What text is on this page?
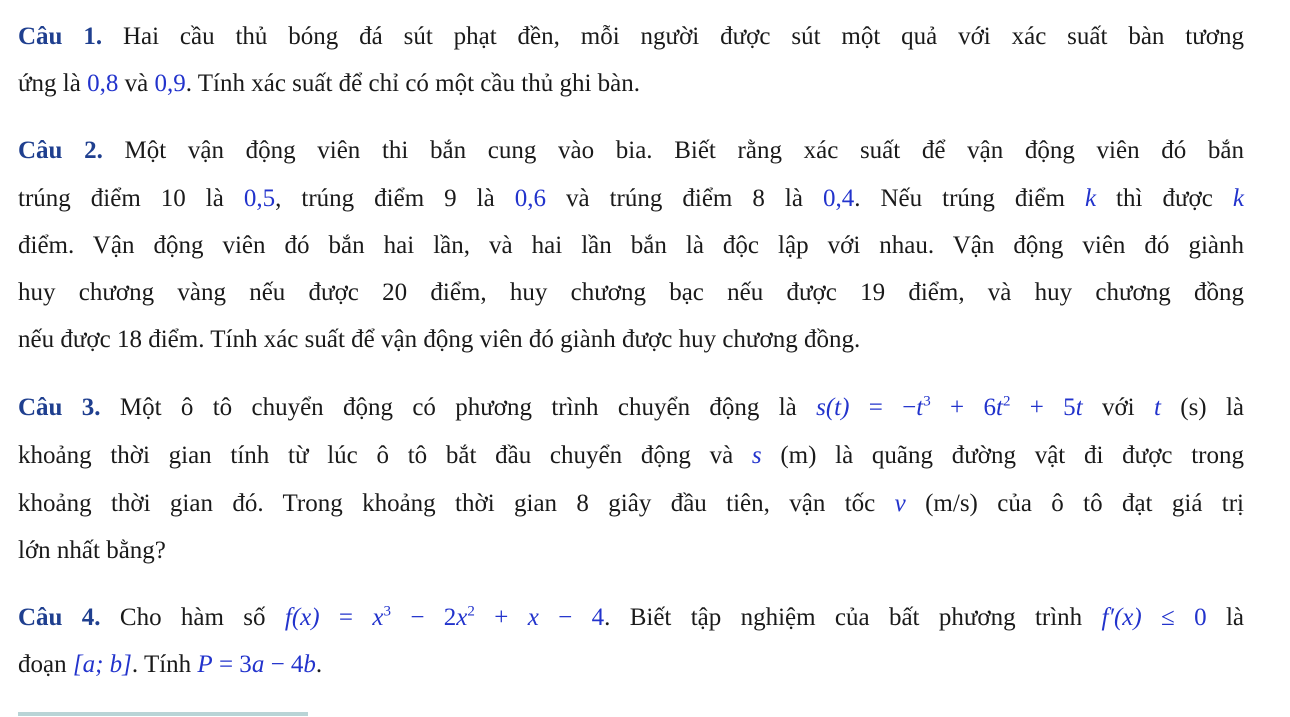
Câu 1. Hai cầu thủ bóng đá sút phạt đền, mỗi người được sút một quả với xác suất bàn tương
ứng là 0,8 và 0,9. Tính xác suất để chỉ có một cầu thủ ghi bàn.
Câu 2. Một vận động viên thi bắn cung vào bia. Biết rằng xác suất để vận động viên đó bắn
trúng điểm 10 là 0,5, trúng điểm 9 là 0,6 và trúng điểm 8 là 0,4. Nếu trúng điểm k thì được k
điểm. Vận động viên đó bắn hai lần, và hai lần bắn là độc lập với nhau. Vận động viên đó giành
huy chương vàng nếu được 20 điểm, huy chương bạc nếu được 19 điểm, và huy chương đồng
nếu được 18 điểm. Tính xác suất để vận động viên đó giành được huy chương đồng.
Câu 3. Một ô tô chuyển động có phương trình chuyển động là $s(t) = -t^3 + 6t^2 + 5t$ với t (s) là
khoảng thời gian tính từ lúc ô tô bắt đầu chuyển động và s (m) là quãng đường vật đi được trong
khoảng thời gian đó. Trong khoảng thời gian 8 giây đầu tiên, vận tốc v (m/s) của ô tô đạt giá trị
lớn nhất bằng?
Câu 4. Cho hàm số $f(x) = x^3 - 2x^2 + x - 4$. Biết tập nghiệm của bất phương trình f′(x) ≤ 0 là
đoạn [a; b]. Tính P = 3a − 4b.
